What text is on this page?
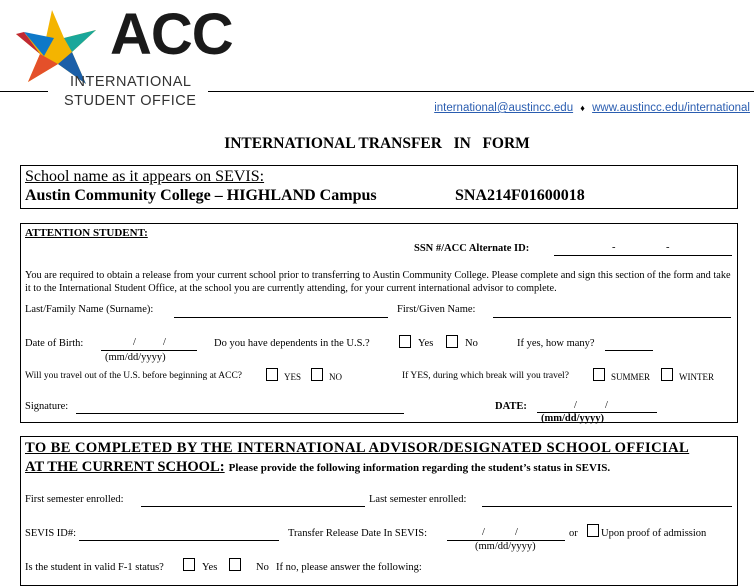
ACC
INTERNATIONAL
STUDENT OFFICE	international@austincc.edu ♦ www.austincc.edu/international
INTERNATIONAL TRANSFER   IN   FORM
School name as it appears on SEVIS:
Austin Community College – HIGHLAND Campus	SNA214F01600018
ATTENTION STUDENT:
SSN #/ACC Alternate ID:	-	-
You are required to obtain a release from your current school prior to transferring to Austin Community College. Please complete and sign this section of the form and take it to the International Student Office, at the school you are currently attending, for your current international advisor to complete.
Last/Family Name (Surname):	First/Given Name:
Date of Birth:	/	/
(mm/dd/yyyy)
Do you have dependents in the U.S.?	Yes	No	If yes, how many?
Will you travel out of the U.S. before beginning at ACC?	YES	NO	If YES, during which break will you travel?	SUMMER	WINTER
Signature:	DATE:	/	/
(mm/dd/yyyy)
TO BE COMPLETED BY THE INTERNATIONAL ADVISOR/DESIGNATED SCHOOL OFFICIAL
AT THE CURRENT SCHOOL: Please provide the following information regarding the student’s status in SEVIS.
First semester enrolled:	Last semester enrolled:
SEVIS ID#:	Transfer Release Date In SEVIS:	/	/
(mm/dd/yyyy)
or Upon proof of admission
Is the student in valid F-1 status?	Yes	No If no, please answer the following:
